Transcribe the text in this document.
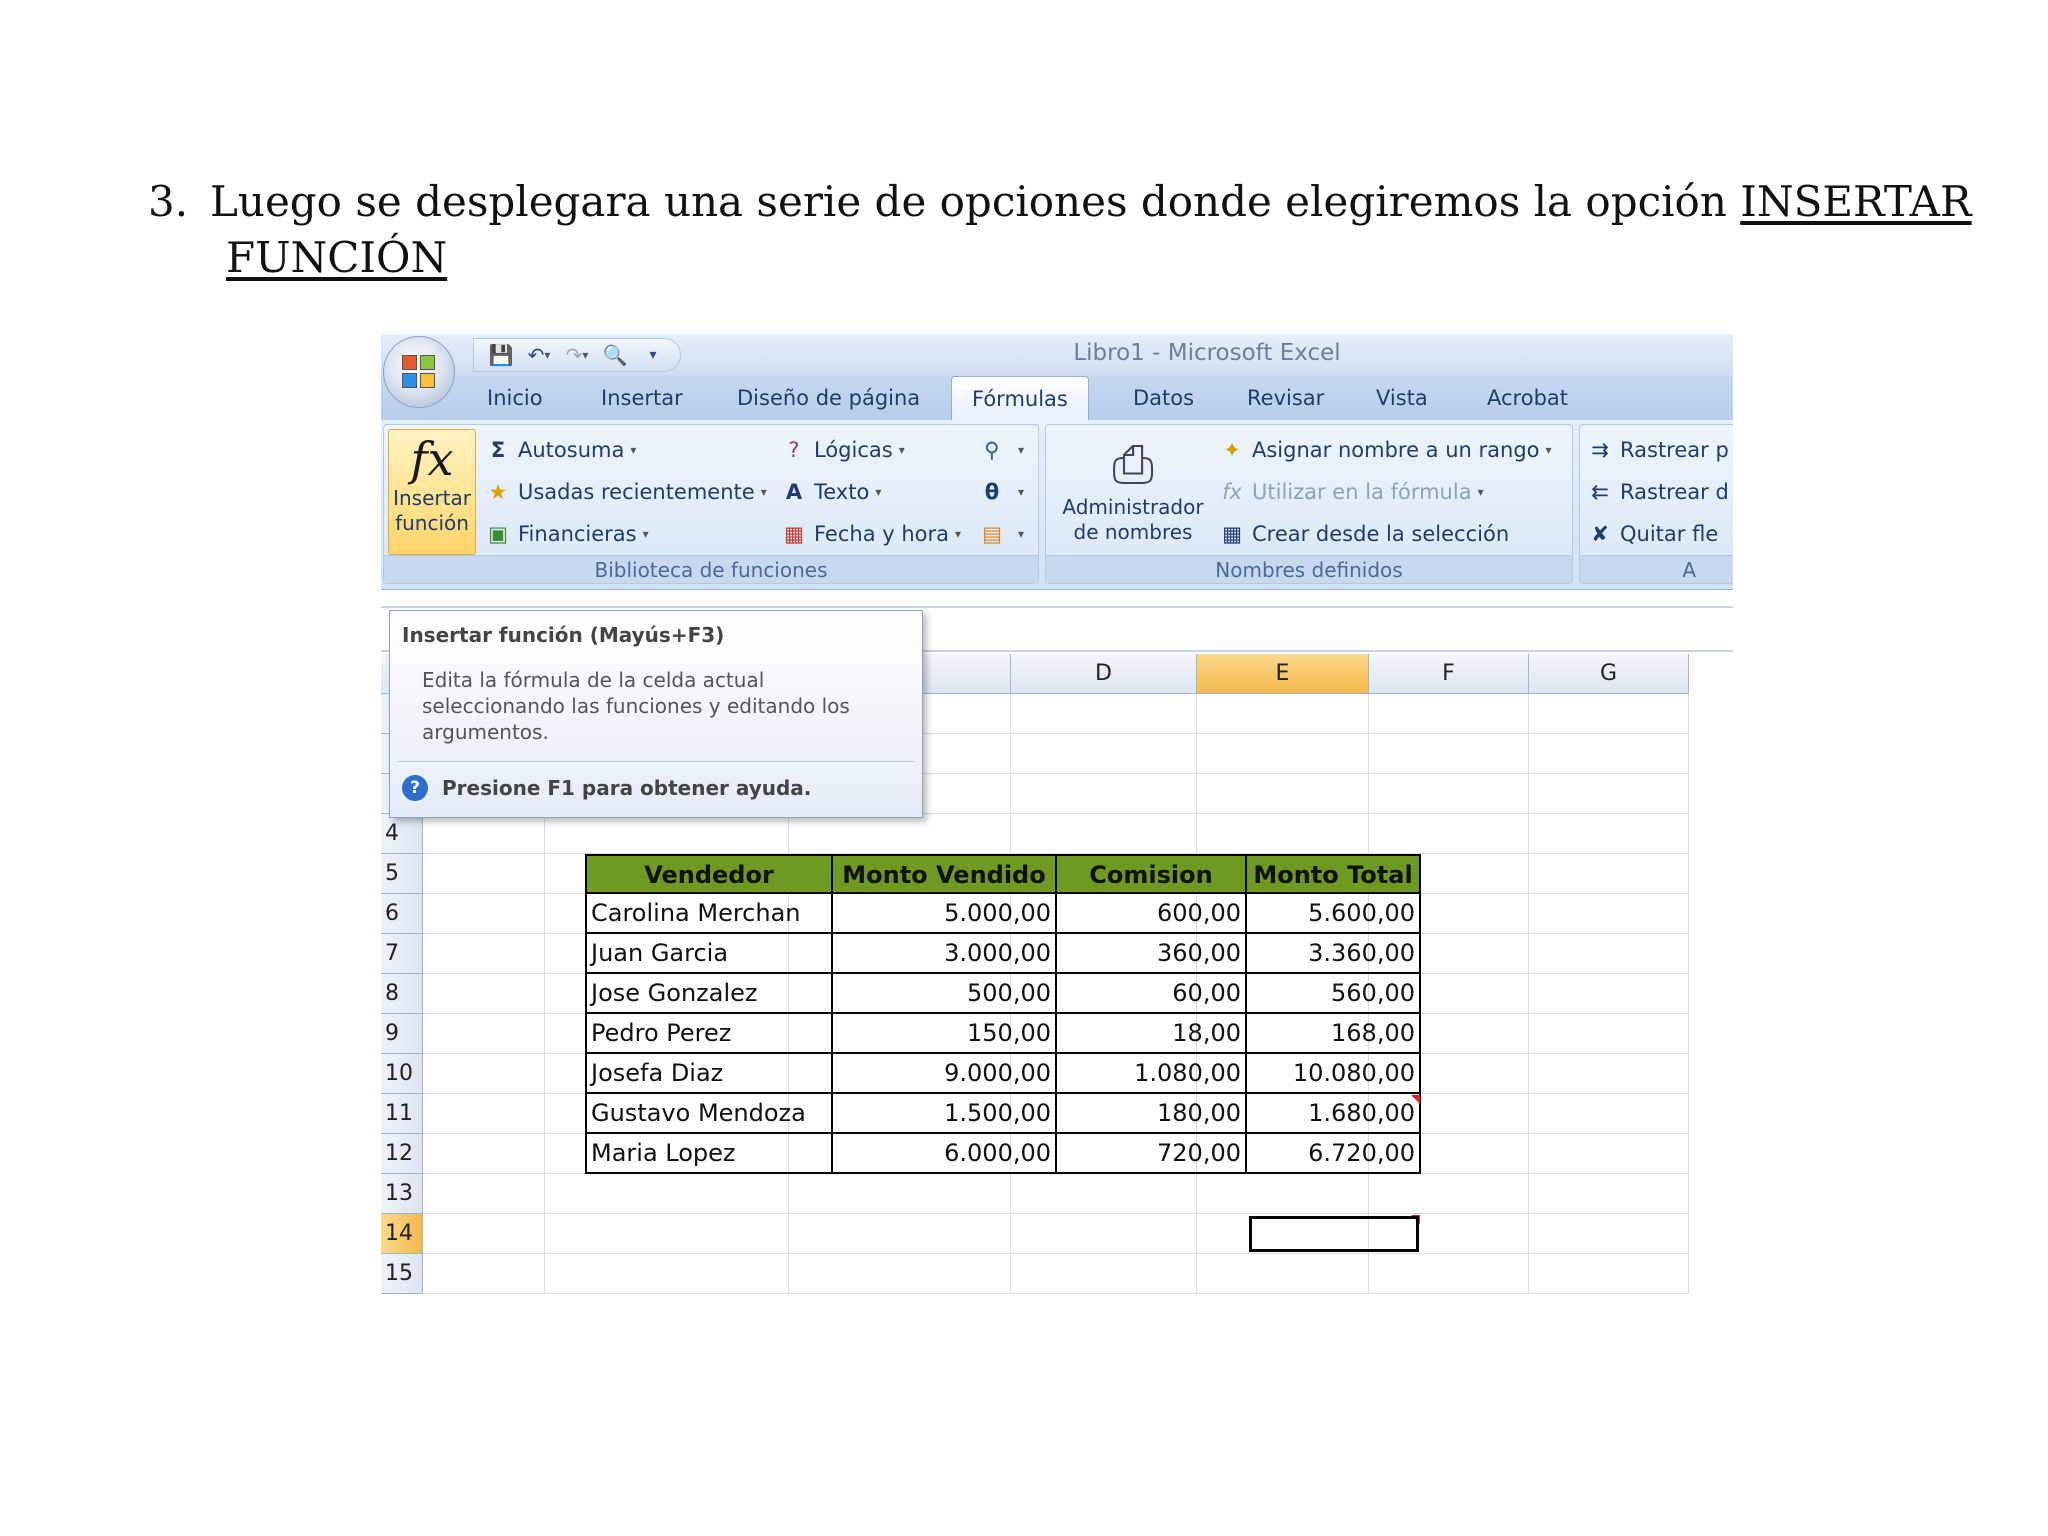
3. Luego se desplegara una serie de opciones donde elegiremos la opción INSERTAR
FUNCIÓN
💾 ↶ ▾ ↷ ▾ 🔍	▾	Libro1 - Microsoft Excel
Inicio	Insertar	Diseño de página	Fórmulas	Datos	Revisar Vista	Acrobat
fx
Insertar
función
Σ Autosuma ▾
★ Usadas recientemente ▾
▣ Financieras ▾
? Lógicas ▾
A Texto ▾
▦ Fecha y hora ▾
⚲	▾
θ	▾
▤	▾
Biblioteca de funciones
⎙
Administrador
de nombres
✦ Asignar nombre a un rango ▾
fx Utilizar en la fórmula ▾
▦ Crear desde la selección
Nombres definidos
⇉ Rastrear p
⇇ Rastrear d
✘ Quitar fle
A
D	E	F	G
4
5
6
7
8
9
10
11
12
13
14
15
Vendedor	Monto Vendido	Comision	Monto Total
Carolina Merchan	5.000,00	600,00	5.600,00
Juan Garcia	3.000,00	360,00	3.360,00
Jose Gonzalez	500,00	60,00	560,00
Pedro Perez	150,00	18,00	168,00
Josefa Diaz	9.000,00	1.080,00	10.080,00
Gustavo Mendoza	1.500,00	180,00	1.680,00
Maria Lopez	6.000,00	720,00	6.720,00
Insertar función (Mayús+F3)
Edita la fórmula de la celda actual seleccionando las funciones y editando los argumentos.
?	Presione F1 para obtener ayuda.
